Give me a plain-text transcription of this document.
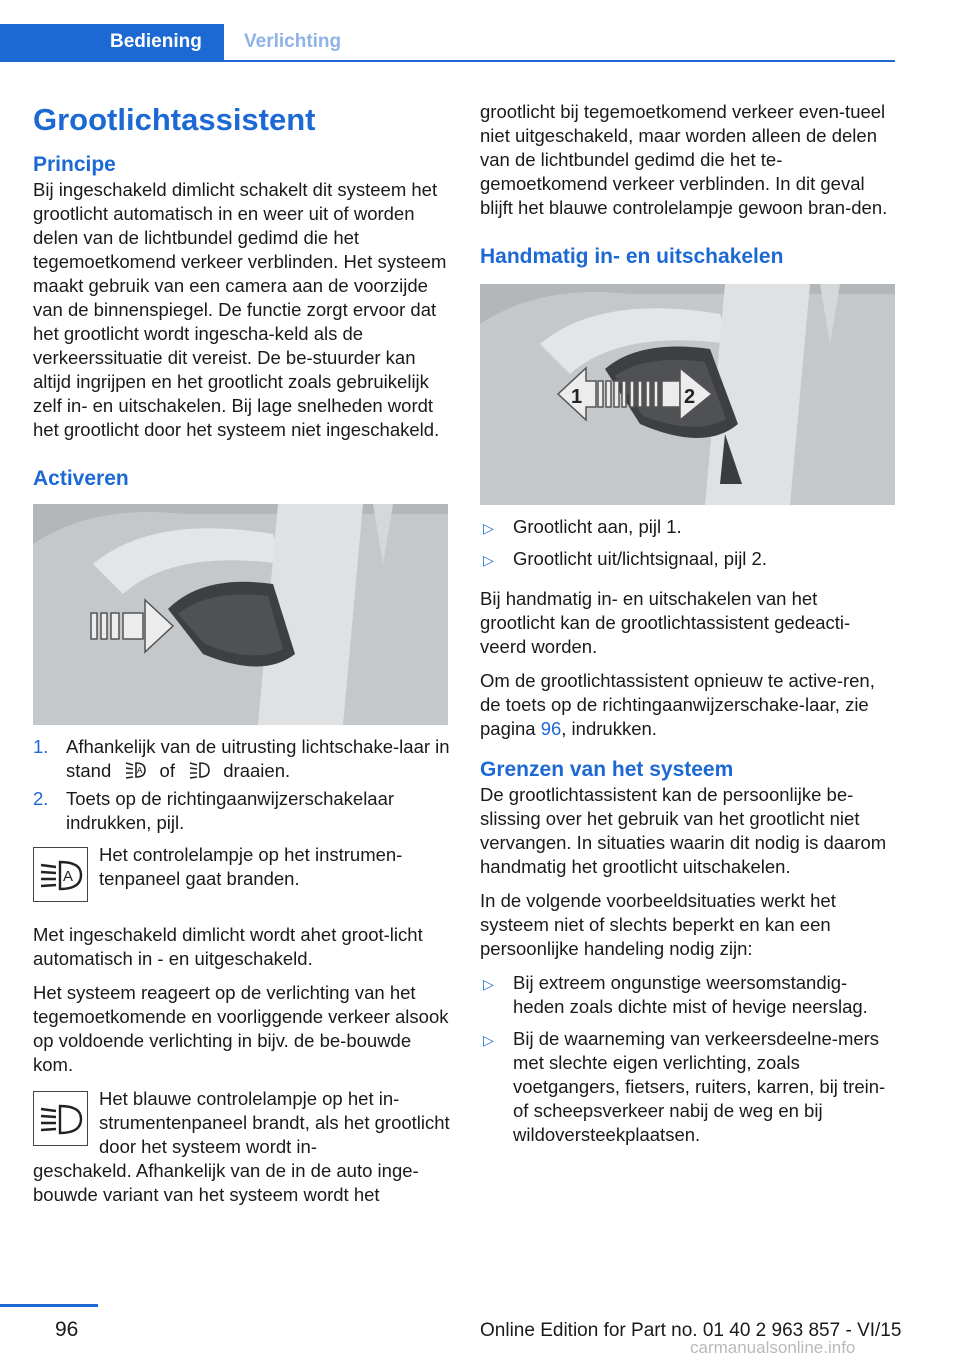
Bediening	Verlichting
Grootlichtassistent
Principe
Bij ingeschakeld dimlicht schakelt dit systeem het grootlicht automatisch in en weer uit of worden delen van de lichtbundel gedimd die het tegemoetkomend verkeer verblinden. Het systeem maakt gebruik van een camera aan de voorzijde van de binnenspiegel. De functie zorgt ervoor dat het grootlicht wordt ingescha-keld als de verkeerssituatie dit vereist. De be-stuurder kan altijd ingrijpen en het grootlicht zoals gebruikelijk zelf in- en uitschakelen. Bij lage snelheden wordt het grootlicht door het systeem niet ingeschakeld.
Activeren
1. Afhankelijk van de uitrusting lichtschake-laar in stand	A of	draaien.
2. Toets op de richtingaanwijzerschakelaar indrukken, pijl.
A
Het controlelampje op het instrumen-tenpaneel gaat branden.
Met ingeschakeld dimlicht wordt ahet groot-licht automatisch in - en uitgeschakeld.
Het systeem reageert op de verlichting van het tegemoetkomende en voorliggende verkeer alsook op voldoende verlichting in bijv. de be-bouwde kom.
Het blauwe controlelampje op het in-strumentenpaneel brandt, als het grootlicht door het systeem wordt in-
geschakeld. Afhankelijk van de in de auto inge-bouwde variant van het systeem wordt het
grootlicht bij tegemoetkomend verkeer even-tueel niet uitgeschakeld, maar worden alleen de delen van de lichtbundel gedimd die het te-gemoetkomend verkeer verblinden. In dit geval blijft het blauwe controlelampje gewoon bran-den.
Handmatig in- en uitschakelen
1	2
▷ Grootlicht aan, pijl 1.
▷ Grootlicht uit/lichtsignaal, pijl 2.
Bij handmatig in- en uitschakelen van het grootlicht kan de grootlichtassistent gedeacti-veerd worden.
Om de grootlichtassistent opnieuw te active-ren, de toets op de richtingaanwijzerschake-laar, zie pagina 96, indrukken.
Grenzen van het systeem
De grootlichtassistent kan de persoonlijke be-slissing over het gebruik van het grootlicht niet vervangen. In situaties waarin dit nodig is daarom handmatig het grootlicht uitschakelen.
In de volgende voorbeeldsituaties werkt het systeem niet of slechts beperkt en kan een persoonlijke handeling nodig zijn:
▷ Bij extreem ongunstige weersomstandig-heden zoals dichte mist of hevige neerslag.
▷ Bij de waarneming van verkeersdeelne-mers met slechte eigen verlichting, zoals voetgangers, fietsers, ruiters, karren, bij trein- of scheepsverkeer nabij de weg en bij wildoversteekplaatsen.
96	Online Edition for Part no. 01 40 2 963 857 - VI/15
carmanualsonline.info
